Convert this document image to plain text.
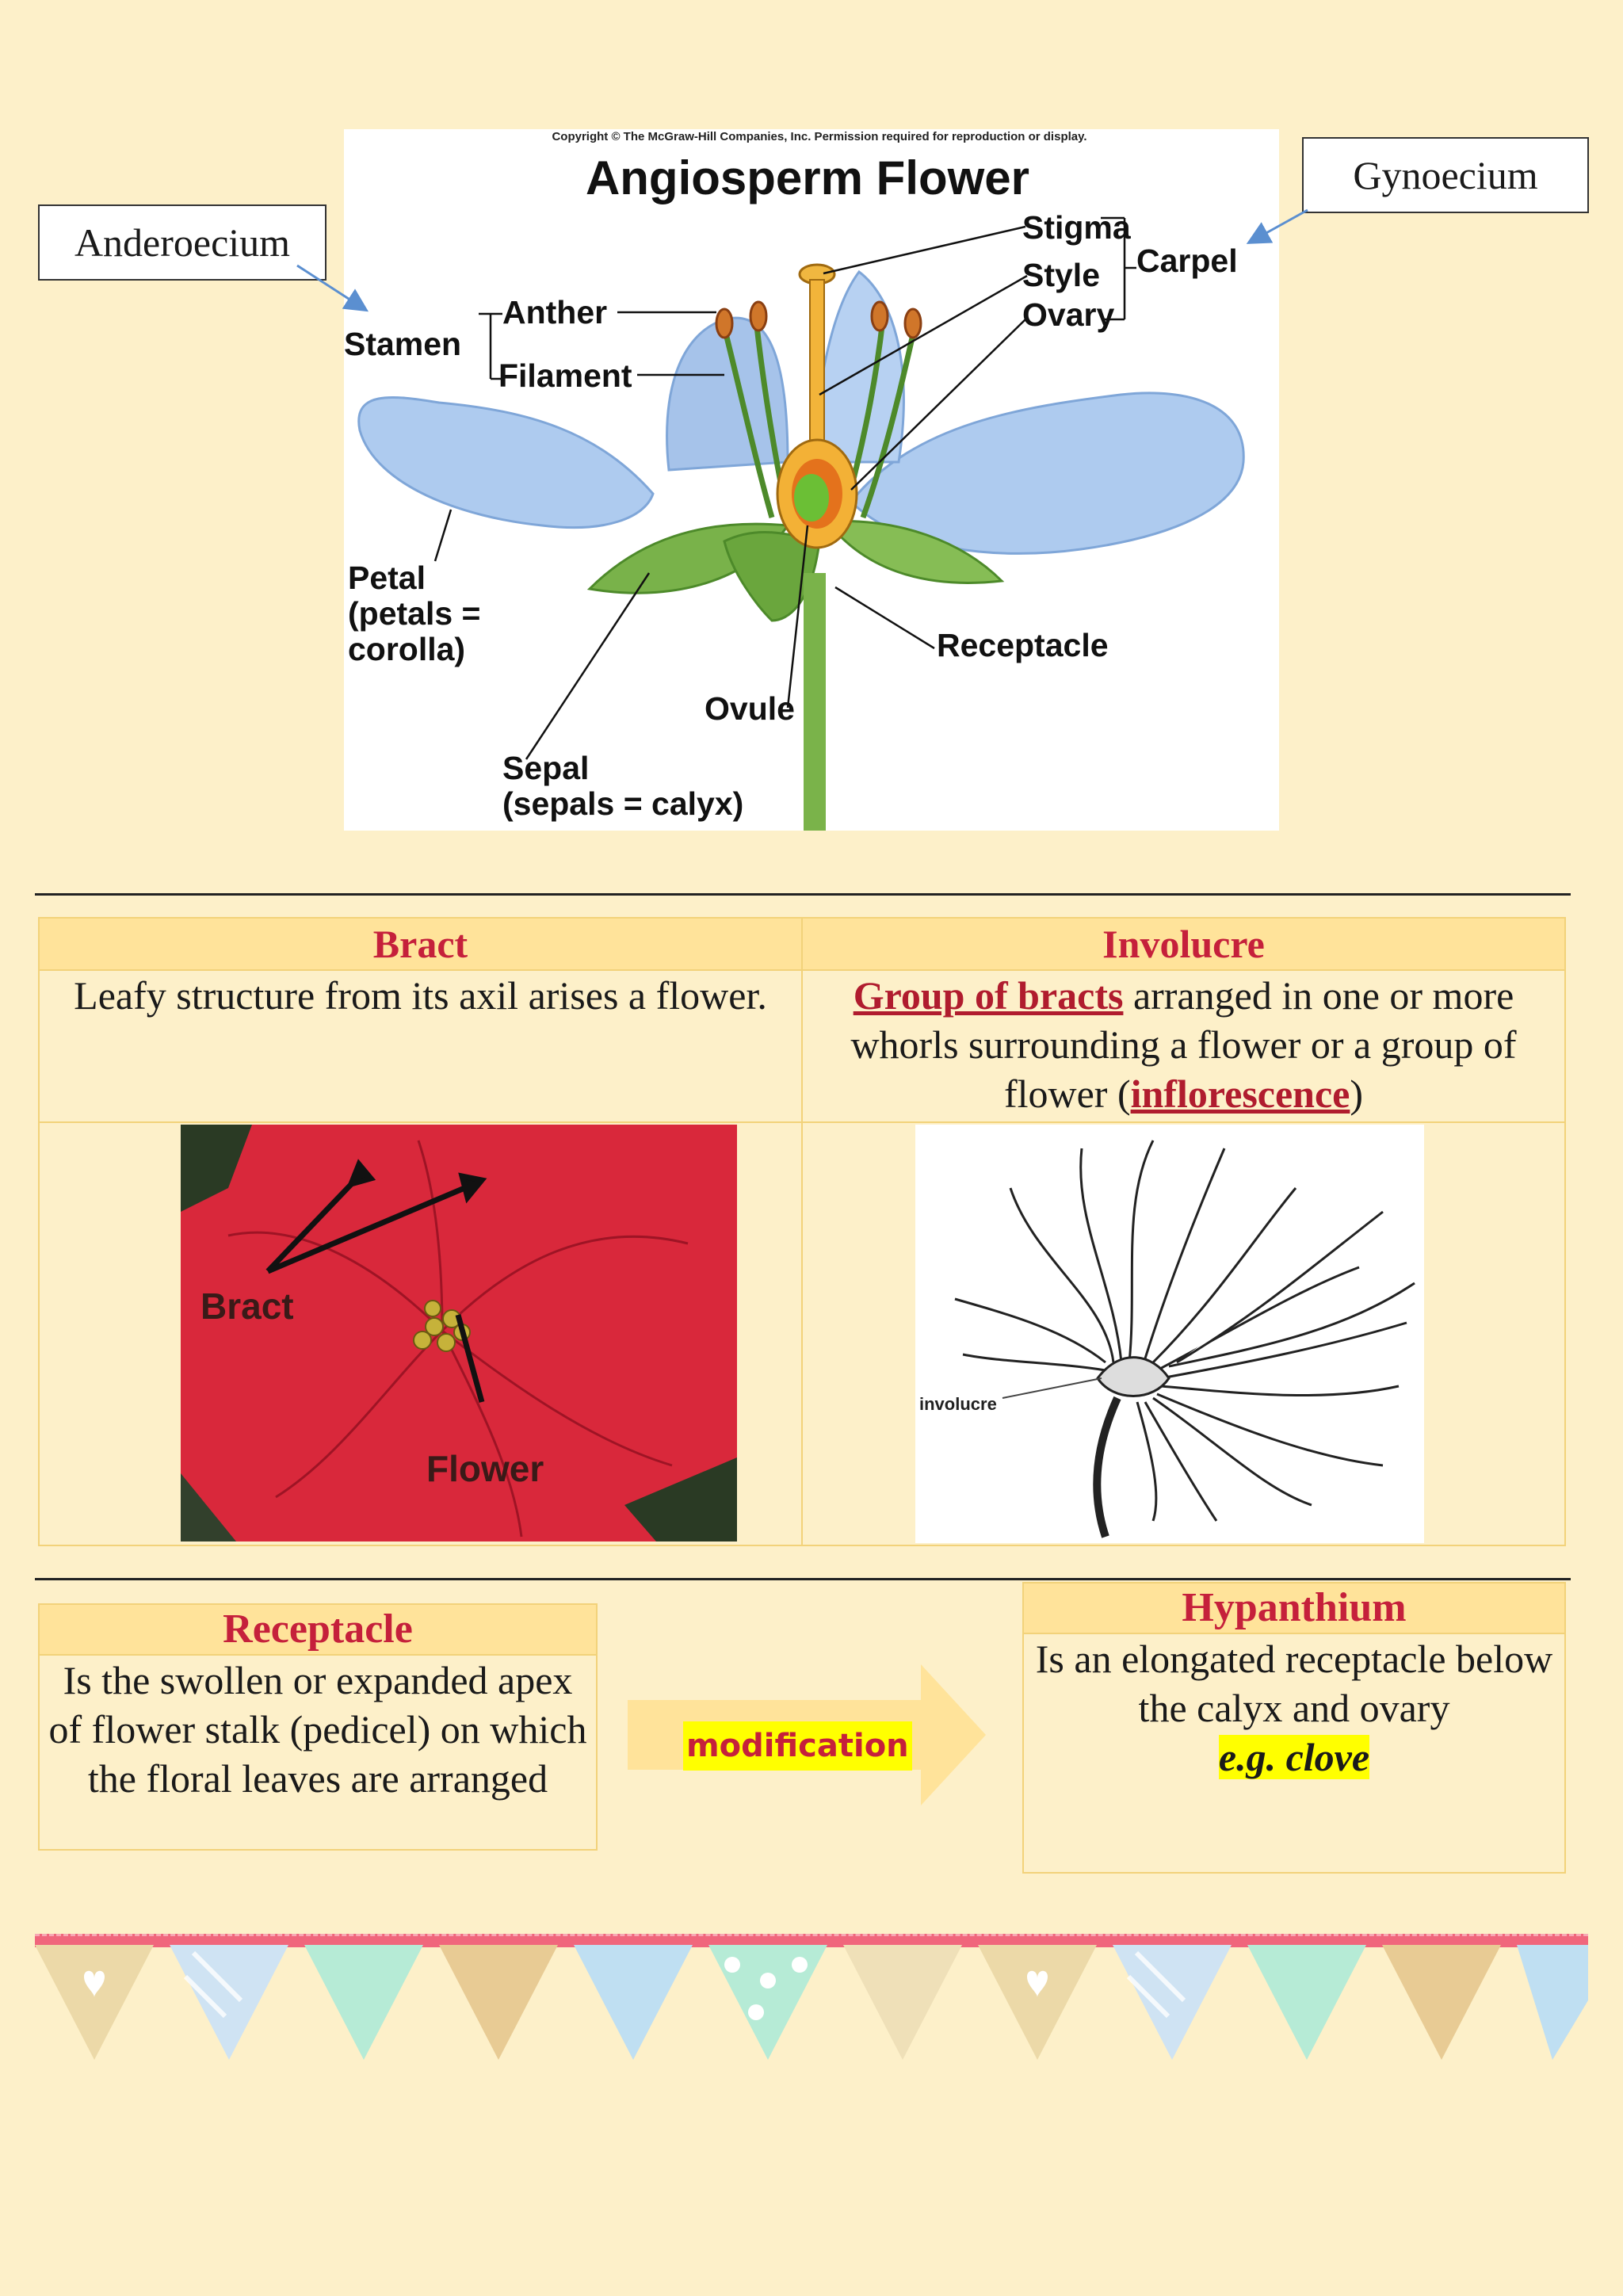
Copyright © The McGraw-Hill Companies, Inc. Permission required for reproduction or display.
Angiosperm Flower
Stigma
Style
Ovary
Carpel
Stamen
Anther
Filament
Petal
(petals =
corolla)	Receptacle
Ovule
Sepal
(sepals = calyx)
Anderoecium
Gynoecium
Bract	Involucre
Leafy structure from its axil arises a flower.	Group of bracts arranged in one or more whorls surrounding a flower or a group of flower (inflorescence)

Bract
Flower	involucre
Receptacle
Is the swollen or expanded apex of flower stalk (pedicel) on which the floral leaves are arranged
modification
Hypanthium
Is an elongated receptacle below the calyx and ovary
e.g. clove
